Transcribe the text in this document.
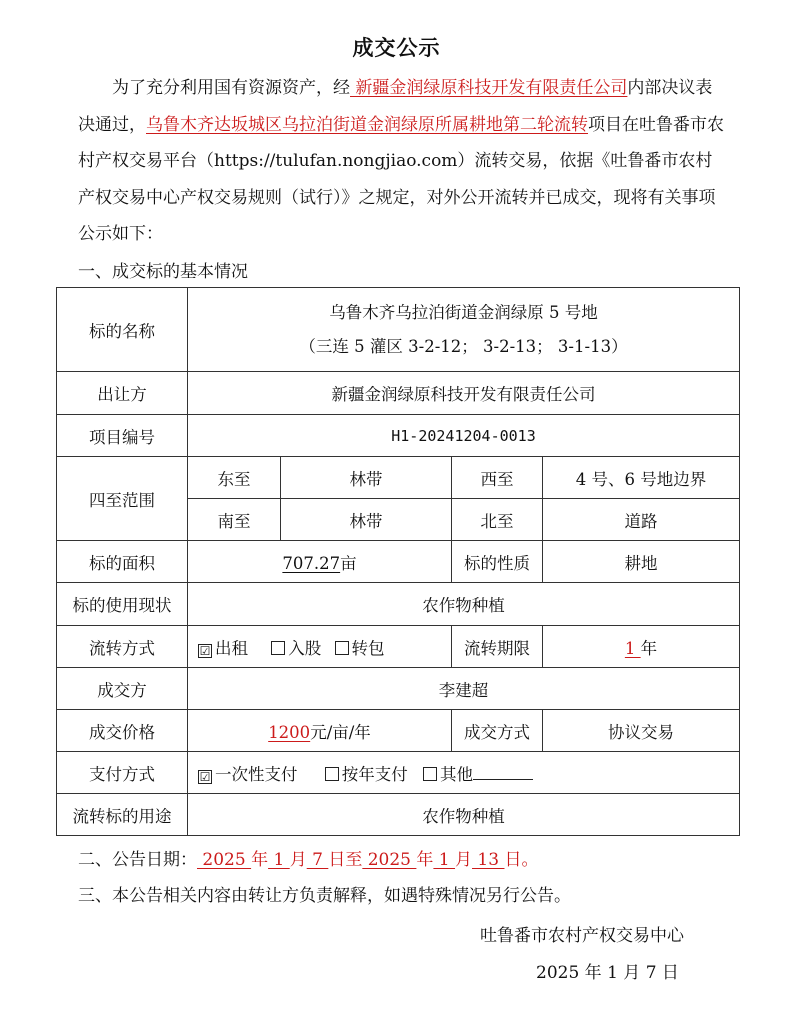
成交公示
为了充分利用国有资源资产，经 新疆金润绿原科技开发有限责任公司内部决议表决通过，乌鲁木齐达坂城区乌拉泊街道金润绿原所属耕地第二轮流转项目在吐鲁番市农村产权交易平台（https://tulufan.nongjiao.com）流转交易，依据《吐鲁番市农村产权交易中心产权交易规则（试行）》之规定，对外公开流转并已成交，现将有关事项公示如下：
一、成交标的基本情况
标的名称	乌鲁木齐乌拉泊街道金润绿原 5 号地
（三连 5 灌区 3-2-12； 3-2-13； 3-1-13）			

出让方	新疆金润绿原科技开发有限责任公司			
项目编号	H1-20241204-0013			
四至范围	东至	林带	西至	4 号、6 号地边界
	南至	林带	北至	道路
标的面积	707.27亩		标的性质	耕地
标的使用现状	农作物种植			
流转方式	☑ 出租 入股 转包		流转期限	1 年
成交方	李建超			
成交价格	1200元/亩/年		成交方式	协议交易
支付方式	☑ 一次性支付 按年支付 其他			
流转标的用途	农作物种植			
二、公告日期： 2025 年 1 月 7 日至 2025 年 1 月 13 日。
三、本公告相关内容由转让方负责解释，如遇特殊情况另行公告。
吐鲁番市农村产权交易中心
2025 年 1 月 7 日
